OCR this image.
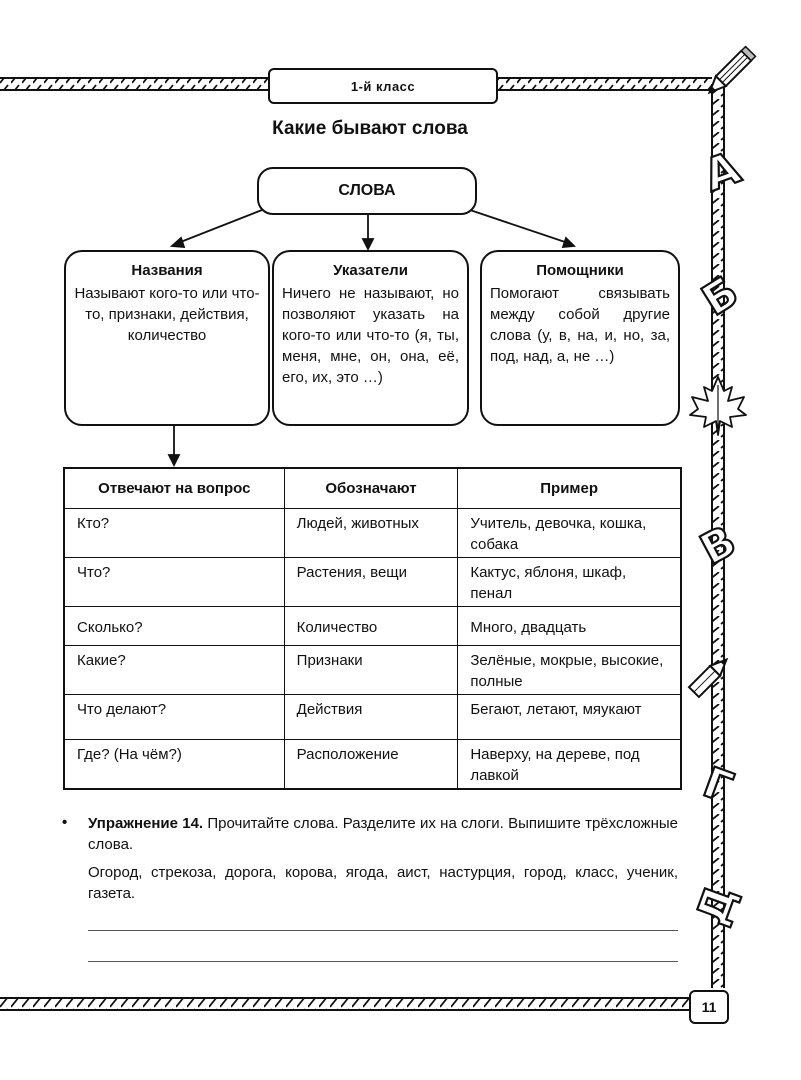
А
Б
В
Г
Д
1-й класс
Какие бывают слова
СЛОВА
Названия
Называют кого-то или что-то, признаки, действия, количество
Указатели
Ничего не называют, но позволяют указать на кого-то или что-то (я, ты, меня, мне, он, она, её, его, их, это …)
Помощники
Помогают связывать между собой другие слова (у, в, на, и, но, за, под, над, а, не …)
Отвечают на вопрос	Обозначают	Пример
Кто?	Людей, животных	Учитель, девочка, кошка, собака
Что?	Растения, вещи	Кактус, яблоня, шкаф, пенал
Сколько?	Количество	Много, двадцать
Какие?	Признаки	Зелёные, мокрые, высокие, полные
Что делают?	Действия	Бегают, летают, мяукают
Где? (На чём?)	Расположение	Наверху, на дереве, под лавкой
• Упражнение 14. Прочитайте слова. Разделите их на слоги. Выпишите трёхсложные слова.
Огород, стрекоза, дорога, корова, ягода, аист, настурция, город, класс, ученик, газета.
11
